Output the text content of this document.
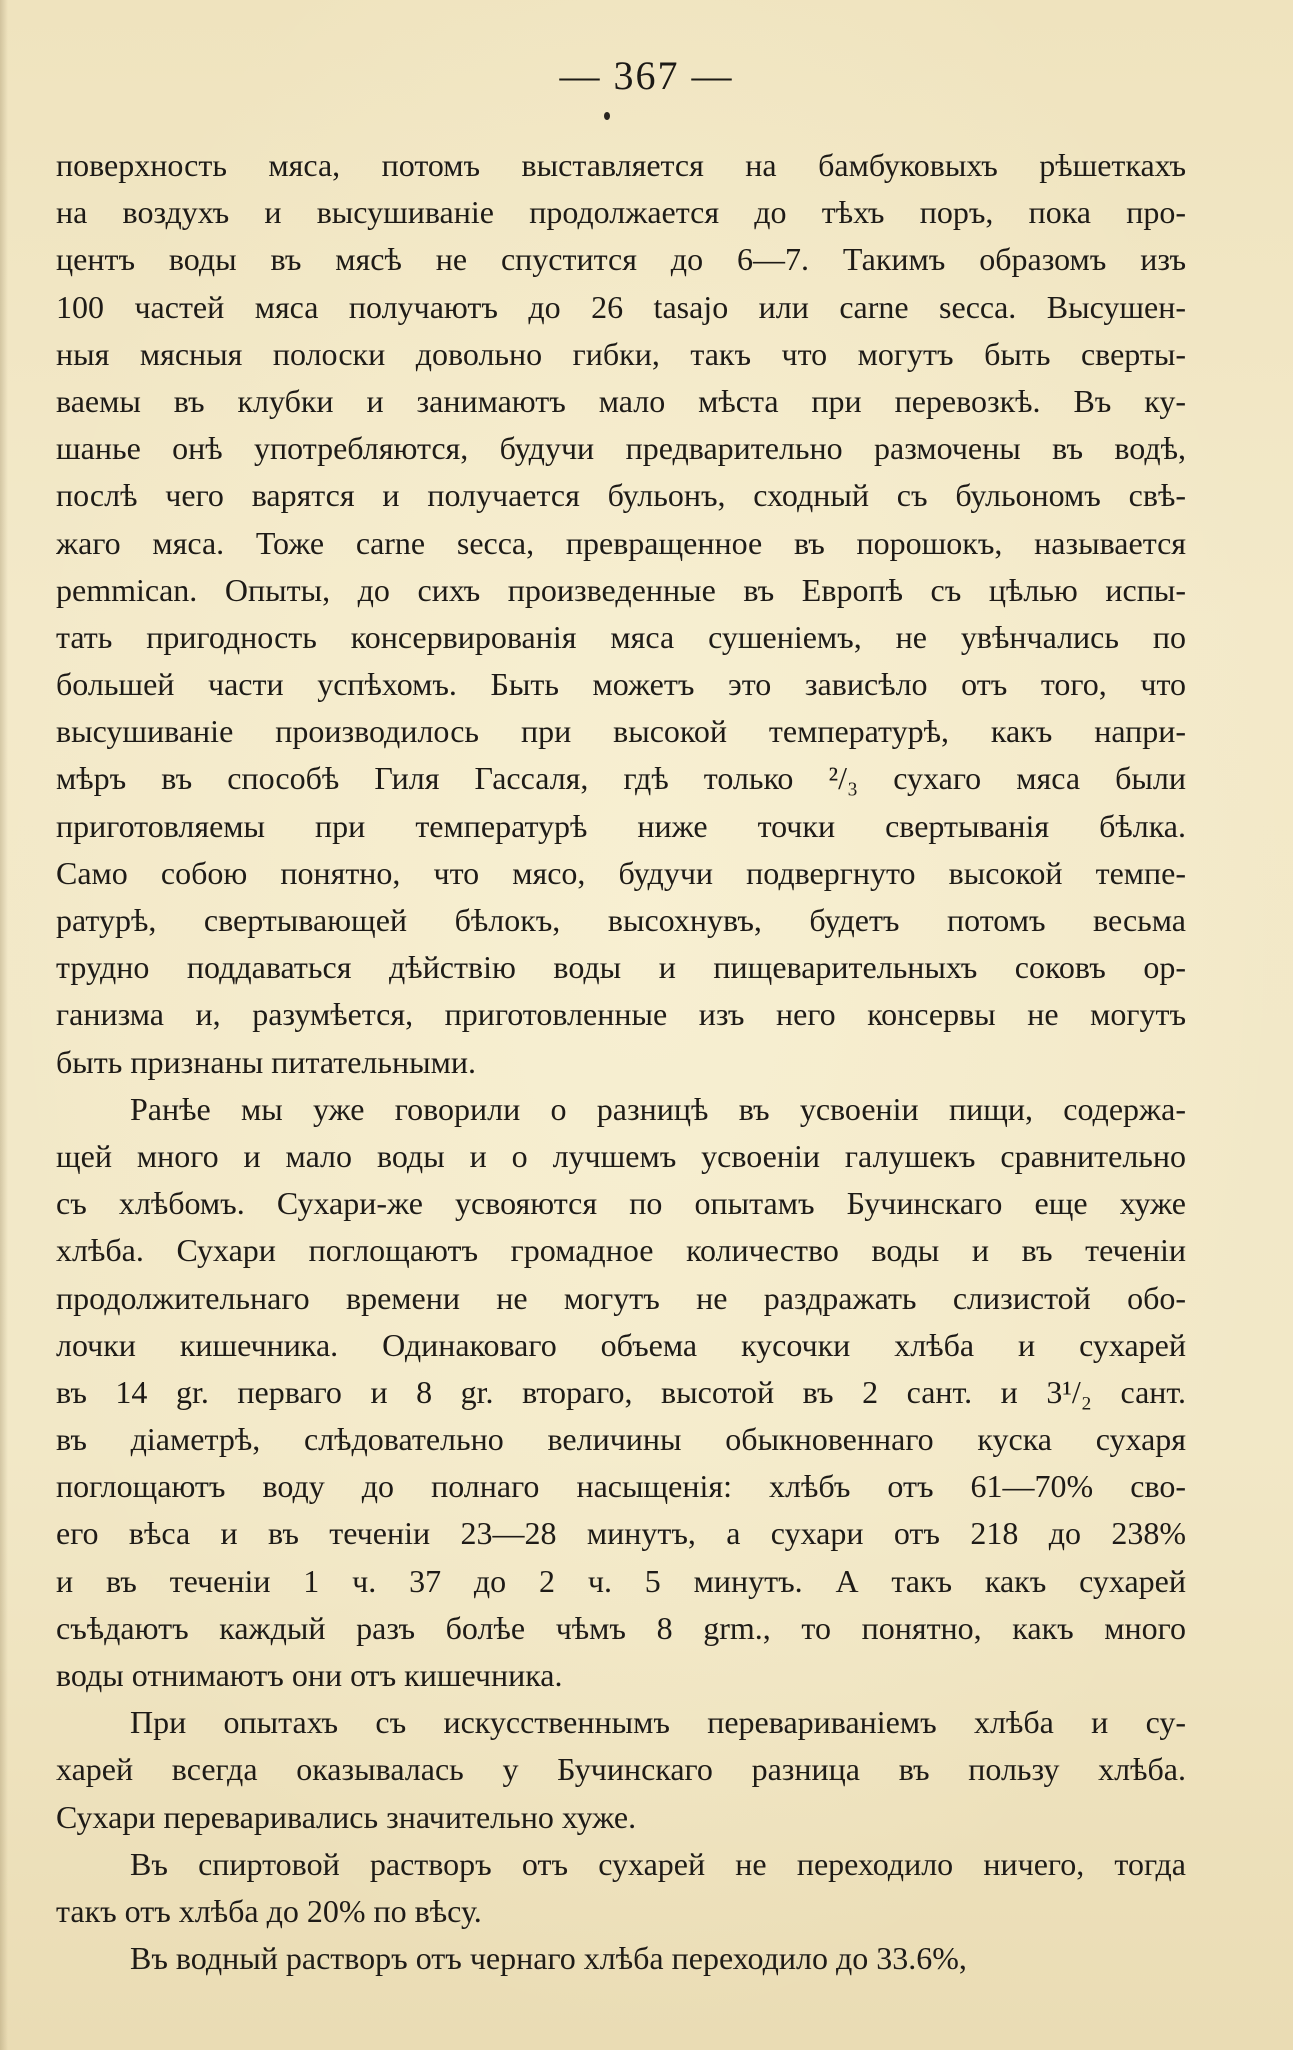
— 367 —
поверхность мяса, потомъ выставляется на бамбуковыхъ рѣшеткахъ
на воздухъ и высушиваніе продолжается до тѣхъ поръ, пока про-
центъ воды въ мясѣ не спустится до 6—7. Такимъ образомъ изъ
100 частей мяса получаютъ до 26 tasajo или carne secca. Высушен-
ныя мясныя полоски довольно гибки, такъ что могутъ быть сверты-
ваемы въ клубки и занимаютъ мало мѣста при перевозкѣ. Въ ку-
шанье онѣ употребляются, будучи предварительно размочены въ водѣ,
послѣ чего варятся и получается бульонъ, сходный съ бульономъ свѣ-
жаго мяса. Тоже carne secca, превращенное въ порошокъ, называется
pemmican. Опыты, до сихъ произведенные въ Европѣ съ цѣлью испы-
тать пригодность консервированія мяса сушеніемъ, не увѣнчались по
большей части успѣхомъ. Быть можетъ это зависѣло отъ того, что
высушиваніе производилось при высокой температурѣ, какъ напри-
мѣръ въ способѣ Гиля Гассаля, гдѣ только ²/₃ сухаго мяса были
приготовляемы при температурѣ ниже точки свертыванія бѣлка.
Само собою понятно, что мясо, будучи подвергнуто высокой темпе-
ратурѣ, свертывающей бѣлокъ, высохнувъ, будетъ потомъ весьма
трудно поддаваться дѣйствію воды и пищеварительныхъ соковъ ор-
ганизма и, разумѣется, приготовленные изъ него консервы не могутъ
быть признаны питательными.
Ранѣе мы уже говорили о разницѣ въ усвоеніи пищи, содержа-
щей много и мало воды и о лучшемъ усвоеніи галушекъ сравнительно
съ хлѣбомъ. Сухари-же усвояются по опытамъ Бучинскаго еще хуже
хлѣба. Сухари поглощаютъ громадное количество воды и въ теченіи
продолжительнаго времени не могутъ не раздражать слизистой обо-
лочки кишечника. Одинаковаго объема кусочки хлѣба и сухарей
въ 14 gr. перваго и 8 gr. втораго, высотой въ 2 сант. и 3¹/₂ сант.
въ діаметрѣ, слѣдовательно величины обыкновеннаго куска сухаря
поглощаютъ воду до полнаго насыщенія: хлѣбъ отъ 61—70% сво-
его вѣса и въ теченіи 23—28 минутъ, а сухари отъ 218 до 238%
и въ теченіи 1 ч. 37 до 2 ч. 5 минутъ. А такъ какъ сухарей
съѣдаютъ каждый разъ болѣе чѣмъ 8 grm., то понятно, какъ много
воды отнимаютъ они отъ кишечника.
При опытахъ съ искусственнымъ перевариваніемъ хлѣба и су-
харей всегда оказывалась у Бучинскаго разница въ пользу хлѣба.
Сухари переваривались значительно хуже.
Въ спиртовой растворъ отъ сухарей не переходило ничего, тогда
такъ отъ хлѣба до 20% по вѣсу.
Въ водный растворъ отъ чернаго хлѣба переходило до 33.6%,
